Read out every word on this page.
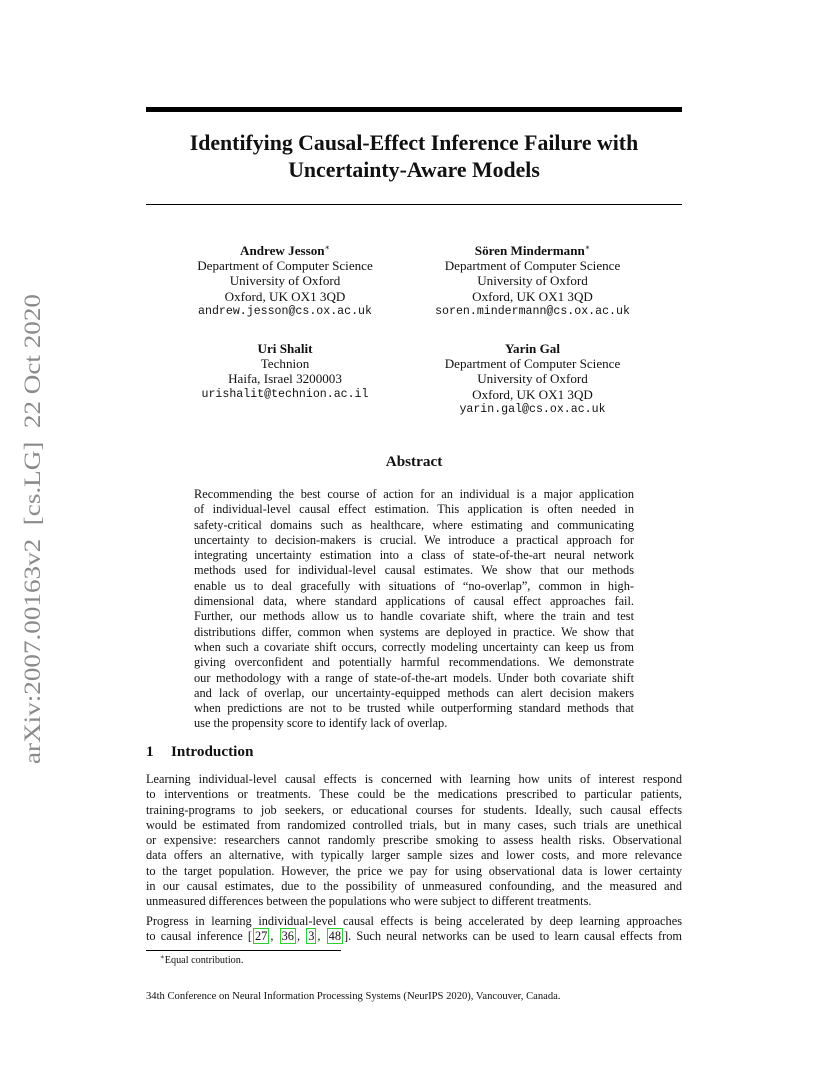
arXiv:2007.00163v2  [cs.LG]  22 Oct 2020
Identifying Causal-Effect Inference Failure with
Uncertainty-Aware Models
Andrew Jesson∗
Department of Computer Science
University of Oxford
Oxford, UK OX1 3QD
andrew.jesson@cs.ox.ac.uk
Sören Mindermann∗
Department of Computer Science
University of Oxford
Oxford, UK OX1 3QD
soren.mindermann@cs.ox.ac.uk
Uri Shalit
Technion
Haifa, Israel 3200003
urishalit@technion.ac.il
Yarin Gal
Department of Computer Science
University of Oxford
Oxford, UK OX1 3QD
yarin.gal@cs.ox.ac.uk
Abstract
Recommending the best course of action for an individual is a major application
of individual-level causal effect estimation. This application is often needed in
safety-critical domains such as healthcare, where estimating and communicating
uncertainty to decision-makers is crucial. We introduce a practical approach for
integrating uncertainty estimation into a class of state-of-the-art neural network
methods used for individual-level causal estimates. We show that our methods
enable us to deal gracefully with situations of “no-overlap”, common in high-
dimensional data, where standard applications of causal effect approaches fail.
Further, our methods allow us to handle covariate shift, where the train and test
distributions differ, common when systems are deployed in practice. We show that
when such a covariate shift occurs, correctly modeling uncertainty can keep us from
giving overconfident and potentially harmful recommendations. We demonstrate
our methodology with a range of state-of-the-art models. Under both covariate shift
and lack of overlap, our uncertainty-equipped methods can alert decision makers
when predictions are not to be trusted while outperforming standard methods that
use the propensity score to identify lack of overlap.
1 Introduction
Learning individual-level causal effects is concerned with learning how units of interest respond
to interventions or treatments. These could be the medications prescribed to particular patients,
training-programs to job seekers, or educational courses for students. Ideally, such causal effects
would be estimated from randomized controlled trials, but in many cases, such trials are unethical
or expensive: researchers cannot randomly prescribe smoking to assess health risks. Observational
data offers an alternative, with typically larger sample sizes and lower costs, and more relevance
to the target population. However, the price we pay for using observational data is lower certainty
in our causal estimates, due to the possibility of unmeasured confounding, and the measured and
unmeasured differences between the populations who were subject to different treatments.
Progress in learning individual-level causal effects is being accelerated by deep learning approaches
to causal inference [ 27 , 36 , 3 , 48 ]. Such neural networks can be used to learn causal effects from
∗Equal contribution.
34th Conference on Neural Information Processing Systems (NeurIPS 2020), Vancouver, Canada.
